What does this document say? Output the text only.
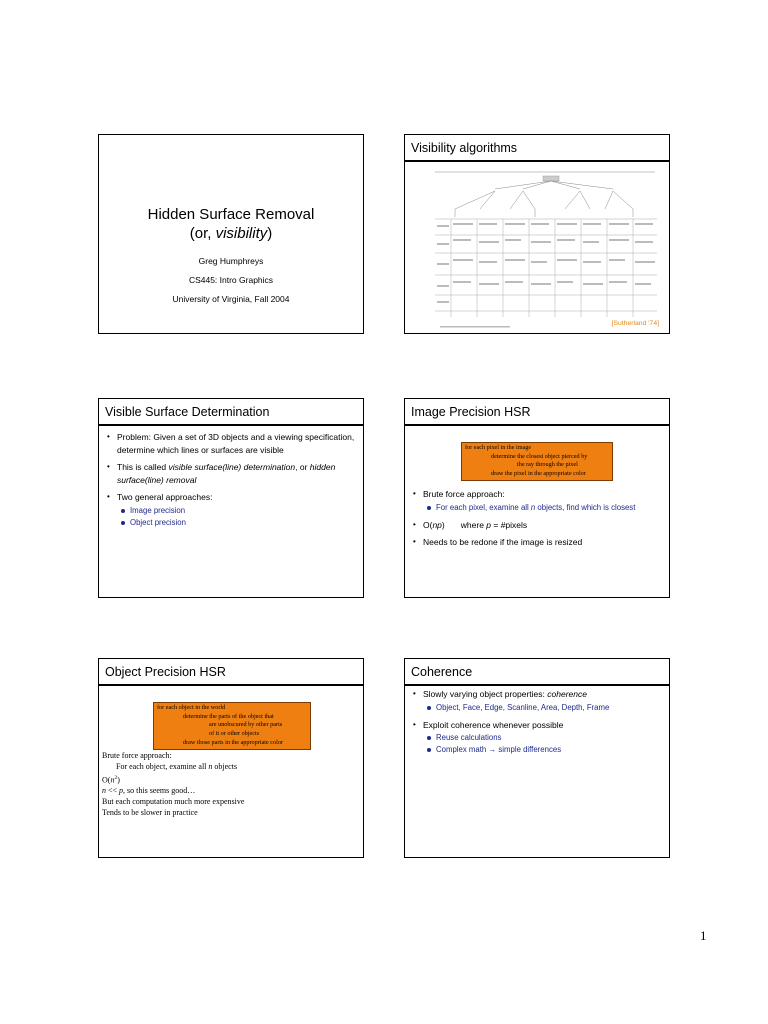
Hidden Surface Removal
(or, visibility)
Greg Humphreys
CS445: Intro Graphics
University of Virginia, Fall 2004
Visibility algorithms
[Sutherland '74]
Visible Surface Determination
• Problem: Given a set of 3D objects and a viewing specification, determine which lines or surfaces are visible
• This is called visible surface(line) determination, or hidden surface(line) removal
• Two general approaches:
Image precision
Object precision
Image Precision HSR
for each pixel in the image
determine the closest object pierced by
the ray through the pixel
draw the pixel in the appropriate color
• Brute force approach:
For each pixel, examine all n objects, find which is closest
• O(np) where p = #pixels
• Needs to be redone if the image is resized
Object Precision HSR
for each object in the world
determine the parts of the object that
are unobscured by other parts
of it or other objects
draw those parts in the appropriate color
Brute force approach:
For each object, examine all n objects
$O(n^2)$
n << p, so this seems good…
But each computation much more expensive
Tends to be slower in practice
Coherence
• Slowly varying object properties: coherence
Object, Face, Edge, Scanline, Area, Depth, Frame
• Exploit coherence whenever possible
Reuse calculations
Complex math → simple differences
1
